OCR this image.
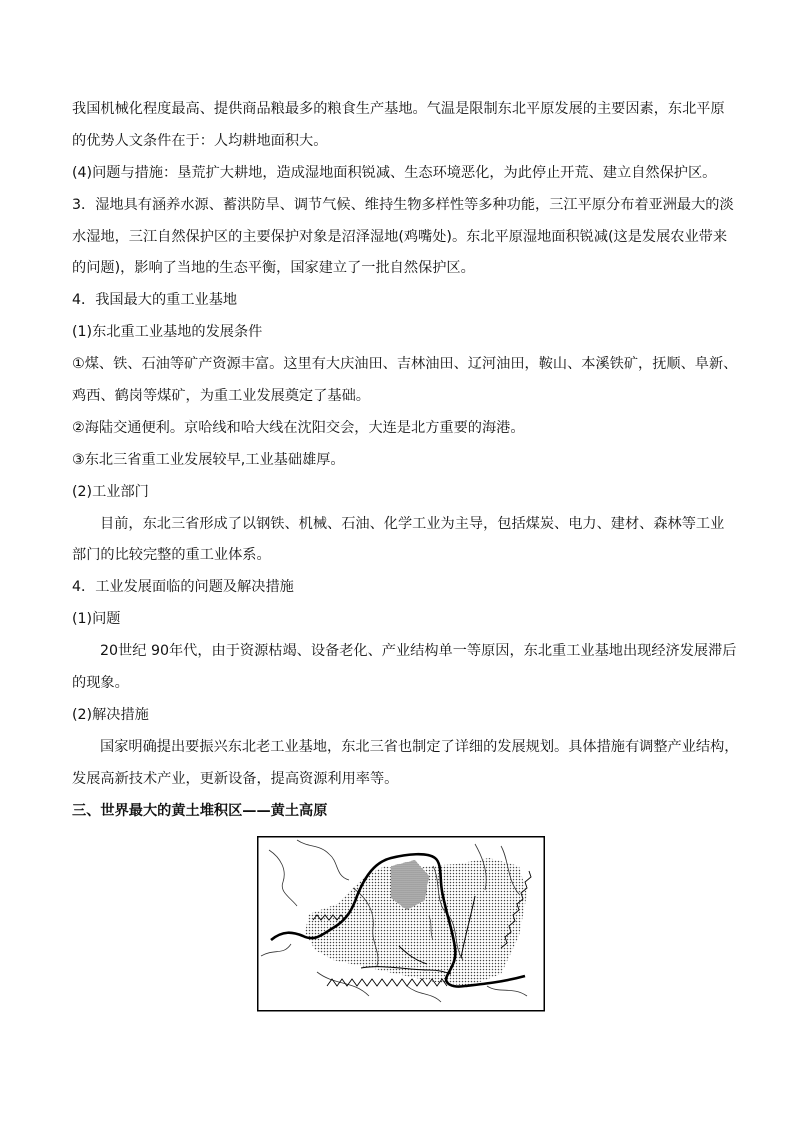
我国机械化程度最高、提供商品粮最多的粮食生产基地。气温是限制东北平原发展的主要因素，东北平原

的优势人文条件在于：人均耕地面积大。

(4)问题与措施：垦荒扩大耕地，造成湿地面积锐减、生态环境恶化，为此停止开荒、建立自然保护区。

3．湿地具有涵养水源、蓄洪防旱、调节气候、维持生物多样性等多种功能，三江平原分布着亚洲最大的淡

水湿地，三江自然保护区的主要保护对象是沼泽湿地(鸡嘴处)。东北平原湿地面积锐减(这是发展农业带来

的问题)，影响了当地的生态平衡，国家建立了一批自然保护区。

4．我国最大的重工业基地

(1)东北重工业基地的发展条件

①煤、铁、石油等矿产资源丰富。这里有大庆油田、吉林油田、辽河油田，鞍山、本溪铁矿，抚顺、阜新、

鸡西、鹤岗等煤矿，为重工业发展奠定了基础。

②海陆交通便利。京哈线和哈大线在沈阳交会，大连是北方重要的海港。

③东北三省重工业发展较早,工业基础雄厚。

(2)工业部门

目前，东北三省形成了以钢铁、机械、石油、化学工业为主导，包括煤炭、电力、建材、森林等工业

部门的比较完整的重工业体系。

4．工业发展面临的问题及解决措施

(1)问题

20世纪 90年代，由于资源枯竭、设备老化、产业结构单一等原因，东北重工业基地出现经济发展滞后

的现象。

(2)解决措施

国家明确提出要振兴东北老工业基地，东北三省也制定了详细的发展规划。具体措施有调整产业结构，

发展高新技术产业，更新设备，提高资源利用率等。

三、世界最大的黄土堆积区——黄土高原
